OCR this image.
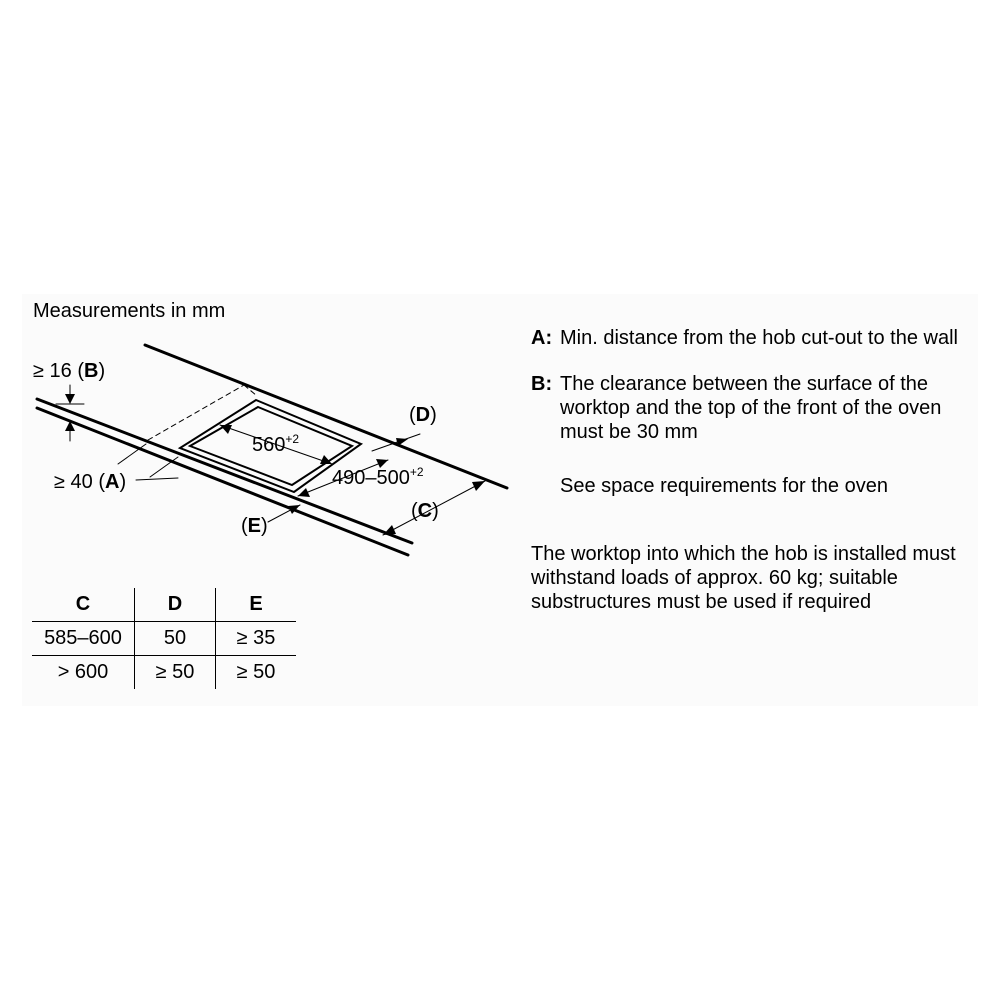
Measurements in mm
≥ 16 (B)
≥ 40 (A)
(D)
(C)
(E)
$560^{+2}$
$490-500^{+2}$
C	D	E
585–600	50	≥ 35
> 600	≥ 50	≥ 50
A: Min. distance from the hob cut-out to the wall
B: The clearance between the surface of the worktop and the top of the front of the oven must be 30 mm
See space requirements for the oven
The worktop into which the hob is installed must withstand loads of approx. 60 kg; suitable substructures must be used if required
